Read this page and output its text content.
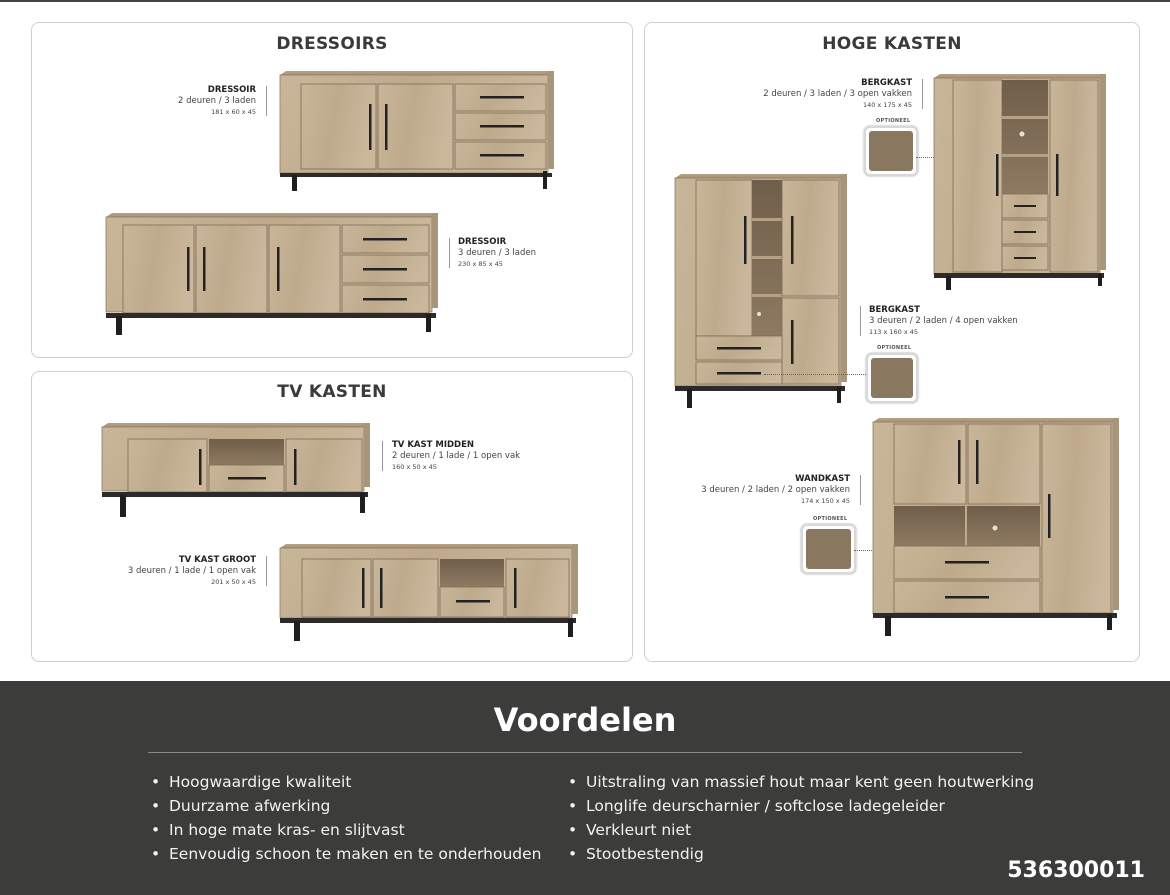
DRESSOIRS
DRESSOIR
2 deuren / 3 laden
181 x 60 x 45
DRESSOIR
3 deuren / 3 laden
230 x 85 x 45
TV KASTEN
TV KAST MIDDEN
2 deuren / 1 lade / 1 open vak
160 x 50 x 45
TV KAST GROOT
3 deuren / 1 lade / 1 open vak
201 x 50 x 45
HOGE KASTEN
BERGKAST
2 deuren / 3 laden / 3 open vakken
140 x 175 x 45
OPTIONEEL
BERGKAST
3 deuren / 2 laden / 4 open vakken
113 x 160 x 45
OPTIONEEL
WANDKAST
3 deuren / 2 laden / 2 open vakken
174 x 150 x 45
OPTIONEEL
Voordelen
• Hoogwaardige kwaliteit
• Duurzame afwerking
• In hoge mate kras- en slijtvast
• Eenvoudig schoon te maken en te onderhouden
• Uitstraling van massief hout maar kent geen houtwerking
• Longlife deurscharnier / softclose ladegeleider
• Verkleurt niet
• Stootbestendig
536300011
